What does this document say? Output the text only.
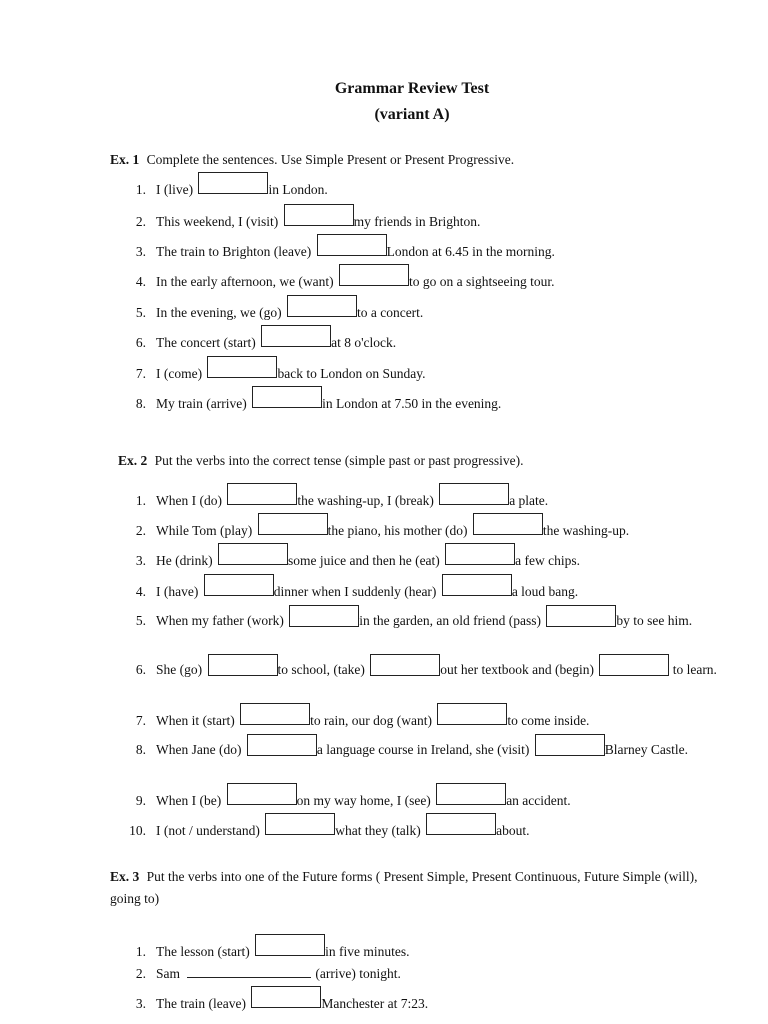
Grammar Review Test
(variant A)
Ex. 1 Complete the sentences. Use Simple Present or Present Progressive.
1. I (live)	in London.
2. This weekend, I (visit)	my friends in Brighton.
3. The train to Brighton (leave)	London at 6.45 in the morning.
4. In the early afternoon, we (want)	to go on a sightseeing tour.
5. In the evening, we (go)	to a concert.
6. The concert (start)	at 8 o'clock.
7. I (come)	back to London on Sunday.
8. My train (arrive)	in London at 7.50 in the evening.
Ex. 2 Put the verbs into the correct tense (simple past or past progressive).
1. When I (do)	the washing-up, I (break)	a plate.
2. While Tom (play)	the piano, his mother (do)	the washing-up.
3. He (drink)	some juice and then he (eat)	a few chips.
4. I (have)	dinner when I suddenly (hear)	a loud bang.
5. When my father (work)	in the garden, an old friend (pass)	by to see him.
6. She (go)	to school, (take)	out her textbook and (begin)	to learn.
7. When it (start)	to rain, our dog (want)	to come inside.
8. When Jane (do)	a language course in Ireland, she (visit)	Blarney Castle.
9. When I (be)	on my way home, I (see)	an accident.
10. I (not / understand)	what they (talk)	about.
Ex. 3 Put the verbs into one of the Future forms ( Present Simple, Present Continuous, Future Simple (will), going to)
1. The lesson (start)	in five minutes.
2. Sam	(arrive) tonight.
3. The train (leave)	Manchester at 7:23.
